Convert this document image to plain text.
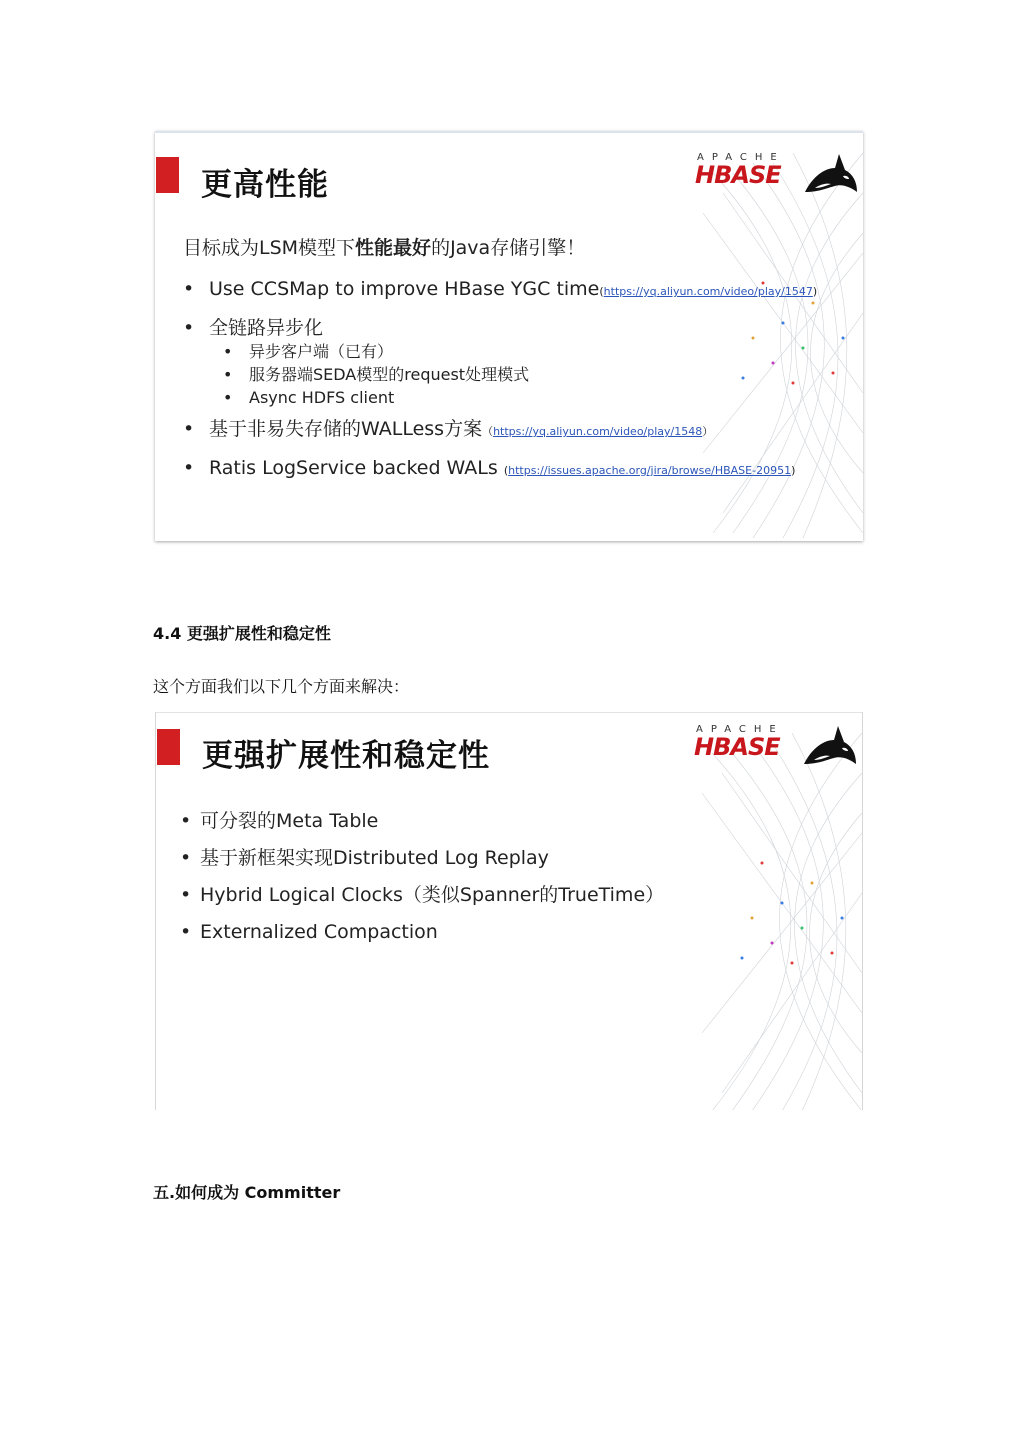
更高性能
APACHE
HBASE
目标成为LSM模型下性能最好的Java存储引擎！
• Use CCSMap to improve HBase YGC time(https://yq.aliyun.com/video/play/1547)
• 全链路异步化
• 异步客户端（已有）
• 服务器端SEDA模型的request处理模式
• Async HDFS client
• 基于非易失存储的WALLess方案（https://yq.aliyun.com/video/play/1548）
• Ratis LogService backed WALs (https://issues.apache.org/jira/browse/HBASE-20951)
4.4 更强扩展性和稳定性
这个方面我们以下几个方面来解决：
更强扩展性和稳定性
APACHE
HBASE
• 可分裂的Meta Table
• 基于新框架实现Distributed Log Replay
• Hybrid Logical Clocks（类似Spanner的TrueTime）
• Externalized Compaction
五.如何成为 Committer
